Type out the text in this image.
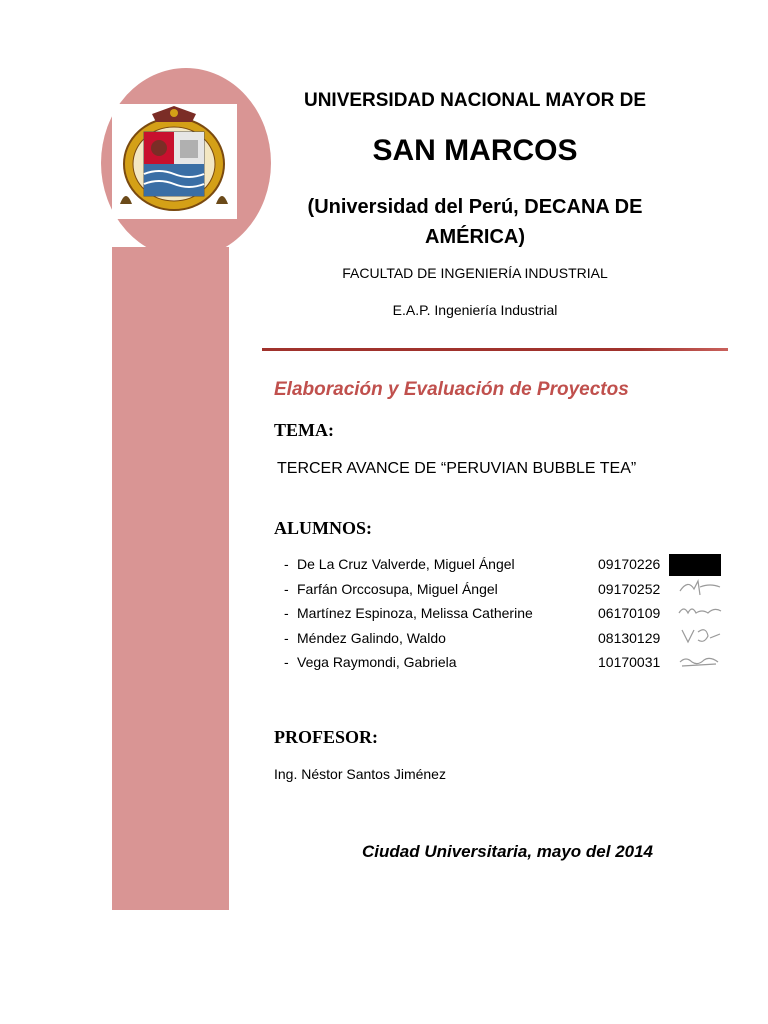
UNIVERSIDAD NACIONAL MAYOR DE
SAN MARCOS
(Universidad del Perú, DECANA DE AMÉRICA)
FACULTAD DE INGENIERÍA INDUSTRIAL
E.A.P. Ingeniería Industrial
Elaboración y Evaluación de Proyectos
TEMA:
TERCER AVANCE DE “PERUVIAN BUBBLE TEA”
ALUMNOS:
- De La Cruz Valverde, Miguel Ángel	09170226
- Farfán Orccosupa, Miguel Ángel	09170252
- Martínez Espinoza, Melissa Catherine	06170109
- Méndez Galindo, Waldo	08130129
- Vega Raymondi, Gabriela	10170031
PROFESOR:
Ing. Néstor Santos Jiménez
Ciudad Universitaria, mayo del 2014
